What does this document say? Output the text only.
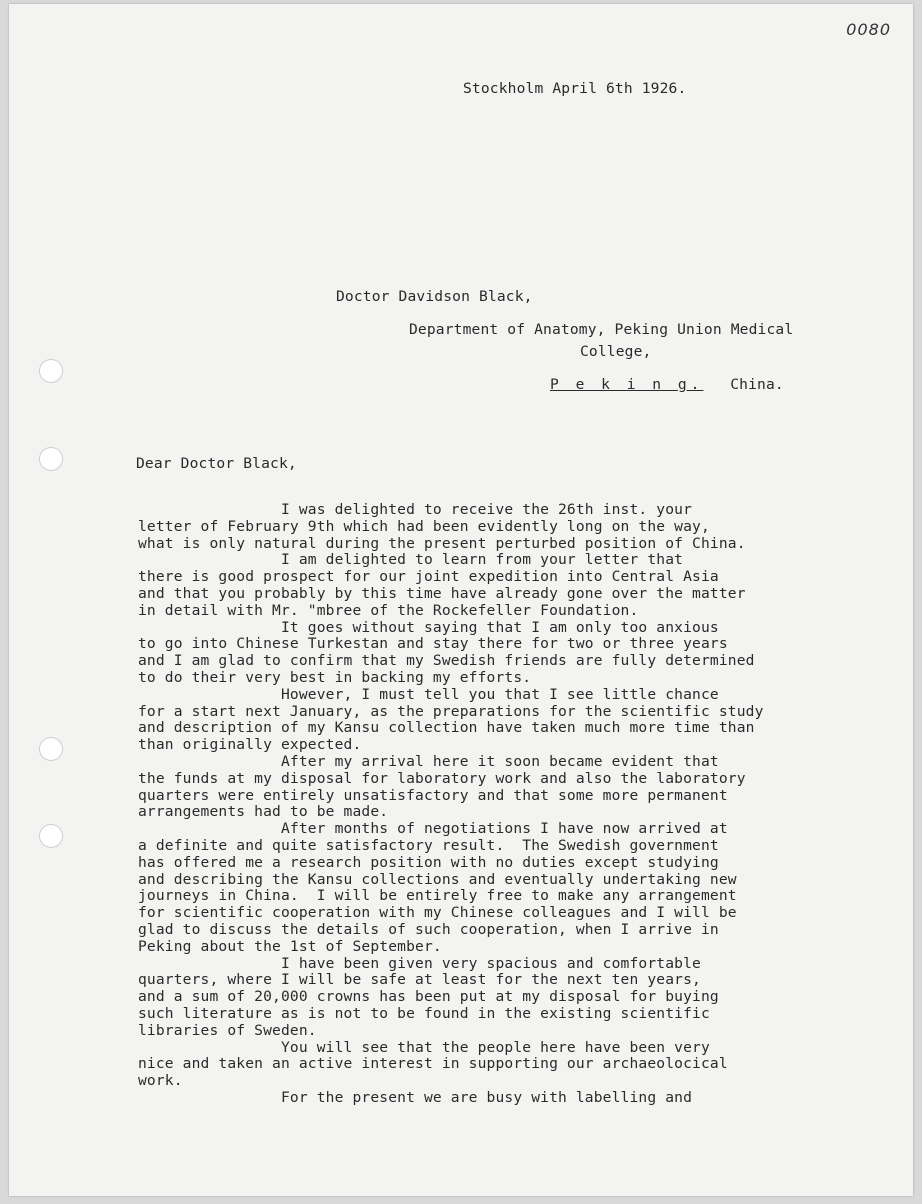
0080
Stockholm April 6th 1926.
Doctor Davidson Black,
Department of Anatomy, Peking Union Medical
College,
P e k i n g. China.
Dear Doctor Black,
I was delighted to receive the 26th inst. your
letter of February 9th which had been evidently long on the way,
what is only natural during the present perturbed position of China.
I am delighted to learn from your letter that
there is good prospect for our joint expedition into Central Asia
and that you probably by this time have already gone over the matter
in detail with Mr. "mbree of the Rockefeller Foundation.
It goes without saying that I am only too anxious
to go into Chinese Turkestan and stay there for two or three years
and I am glad to confirm that my Swedish friends are fully determined
to do their very best in backing my efforts.
However, I must tell you that I see little chance
for a start next January, as the preparations for the scientific study
and description of my Kansu collection have taken much more time than
than originally expected.
After my arrival here it soon became evident that
the funds at my disposal for laboratory work and also the laboratory
quarters were entirely unsatisfactory and that some more permanent
arrangements had to be made.
After months of negotiations I have now arrived at
a definite and quite satisfactory result.  The Swedish government
has offered me a research position with no duties except studying
and describing the Kansu collections and eventually undertaking new
journeys in China.  I will be entirely free to make any arrangement
for scientific cooperation with my Chinese colleagues and I will be
glad to discuss the details of such cooperation, when I arrive in
Peking about the 1st of September.
I have been given very spacious and comfortable
quarters, where I will be safe at least for the next ten years,
and a sum of 20,000 crowns has been put at my disposal for buying
such literature as is not to be found in the existing scientific
libraries of Sweden.
You will see that the people here have been very
nice and taken an active interest in supporting our archaeolocical
work.
For the present we are busy with labelling and
